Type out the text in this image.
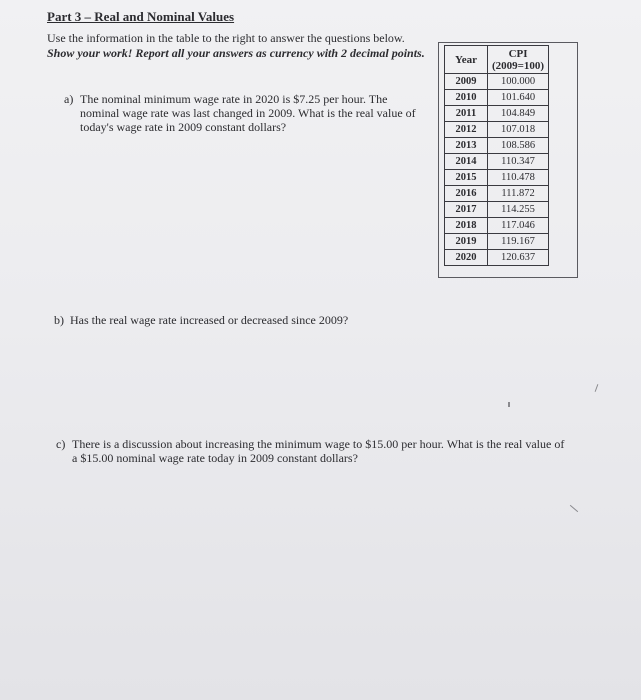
Part 3 – Real and Nominal Values
Use the information in the table to the right to answer the questions below. Show your work! Report all your answers as currency with 2 decimal points.
a) The nominal minimum wage rate in 2020 is $7.25 per hour. The nominal wage rate was last changed in 2009. What is the real value of today's wage rate in 2009 constant dollars?
b) Has the real wage rate increased or decreased since 2009?
c) There is a discussion about increasing the minimum wage to $15.00 per hour. What is the real value of a $15.00 nominal wage rate today in 2009 constant dollars?
Year	CPI
(2009=100)

2009	100.000
2010	101.640
2011	104.849
2012	107.018
2013	108.586
2014	110.347
2015	110.478
2016	111.872
2017	114.255
2018	117.046
2019	119.167
2020	120.637
